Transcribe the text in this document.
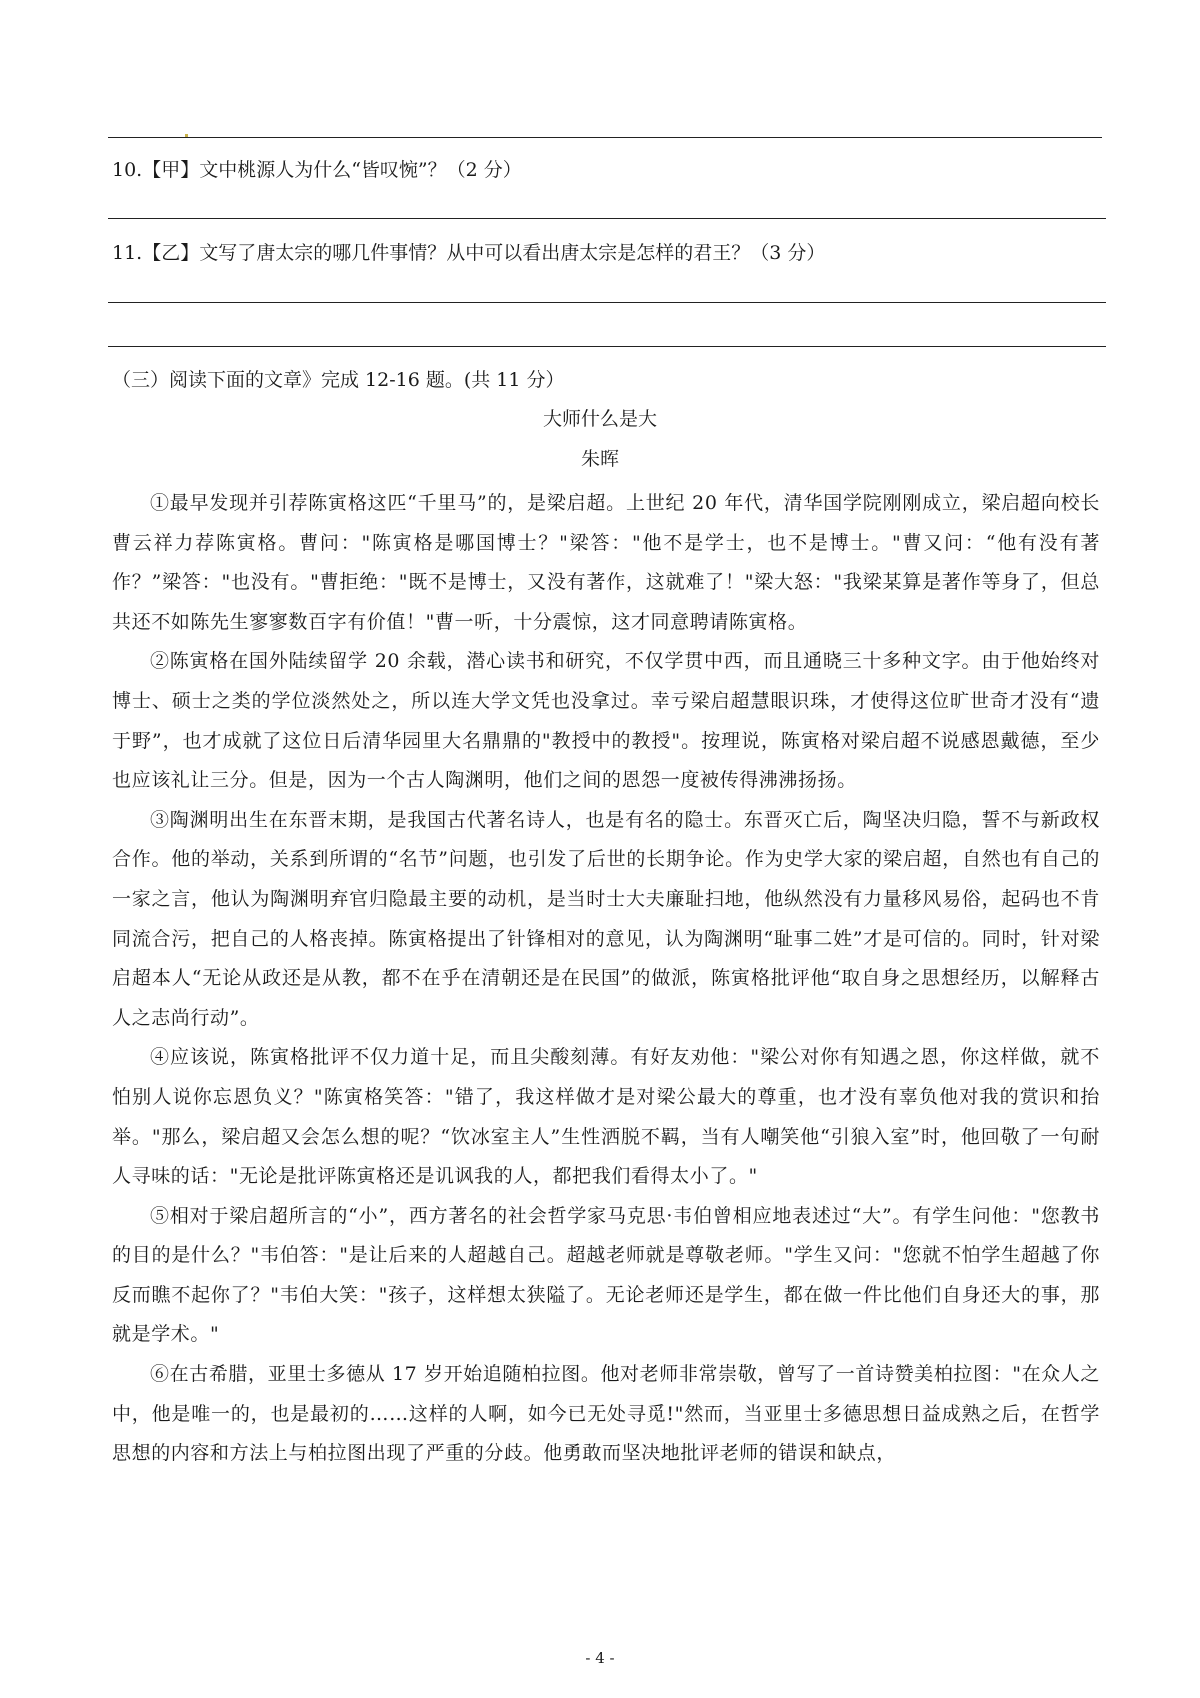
10.【甲】文中桃源人为什么“皆叹惋”？（2 分）
11.【乙】文写了唐太宗的哪几件事情？从中可以看出唐太宗是怎样的君王？（3 分）
（三）阅读下面的文章》完成 12-16 题。(共 11 分）
大师什么是大
朱晖

①最早发现并引荐陈寅格这匹“千里马”的，是梁启超。上世纪 20 年代，清华国学院刚刚成立，梁启超向校长曹云祥力荐陈寅格。曹问："陈寅格是哪国博士？"梁答："他不是学士，也不是博士。"曹又问：“他有没有著作？”梁答："也没有。"曹拒绝："既不是博士，又没有著作，这就难了！"梁大怒："我梁某算是著作等身了，但总共还不如陈先生寥寥数百字有价值！"曹一听，十分震惊，这才同意聘请陈寅格。

②陈寅格在国外陆续留学 20 余载，潜心读书和研究，不仅学贯中西，而且通晓三十多种文字。由于他始终对博士、硕士之类的学位淡然处之，所以连大学文凭也没拿过。幸亏梁启超慧眼识珠，才使得这位旷世奇才没有“遗于野”，也才成就了这位日后清华园里大名鼎鼎的"教授中的教授"。按理说，陈寅格对梁启超不说感恩戴德，至少也应该礼让三分。但是，因为一个古人陶渊明，他们之间的恩怨一度被传得沸沸扬扬。

③陶渊明出生在东晋末期，是我国古代著名诗人，也是有名的隐士。东晋灭亡后，陶坚决归隐，誓不与新政权合作。他的举动，关系到所谓的“名节”问题，也引发了后世的长期争论。作为史学大家的梁启超，自然也有自己的一家之言，他认为陶渊明弃官归隐最主要的动机，是当时士大夫廉耻扫地，他纵然没有力量移风易俗，起码也不肯同流合污，把自己的人格丧掉。陈寅格提出了针锋相对的意见，认为陶渊明“耻事二姓”才是可信的。同时，针对梁启超本人“无论从政还是从教，都不在乎在清朝还是在民国”的做派，陈寅格批评他“取自身之思想经历，以解释古人之志尚行动”。

④应该说，陈寅格批评不仅力道十足，而且尖酸刻薄。有好友劝他："梁公对你有知遇之恩，你这样做，就不怕别人说你忘恩负义？"陈寅格笑答："错了，我这样做才是对梁公最大的尊重，也才没有辜负他对我的赏识和抬举。"那么，梁启超又会怎么想的呢？“饮冰室主人”生性洒脱不羁，当有人嘲笑他“引狼入室”时，他回敬了一句耐人寻味的话："无论是批评陈寅格还是讥讽我的人，都把我们看得太小了。"

⑤相对于梁启超所言的“小”，西方著名的社会哲学家马克思·韦伯曾相应地表述过“大”。有学生问他："您教书的目的是什么？"韦伯答："是让后来的人超越自己。超越老师就是尊敬老师。"学生又问："您就不怕学生超越了你反而瞧不起你了？"韦伯大笑："孩子，这样想太狭隘了。无论老师还是学生，都在做一件比他们自身还大的事，那就是学术。"

⑥在古希腊，亚里士多德从 17 岁开始追随柏拉图。他对老师非常崇敬，曾写了一首诗赞美柏拉图："在众人之中，他是唯一的，也是最初的……这样的人啊，如今已无处寻觅!"然而，当亚里士多德思想日益成熟之后，在哲学思想的内容和方法上与柏拉图出现了严重的分歧。他勇敢而坚决地批评老师的错误和缺点，

- 4 -
